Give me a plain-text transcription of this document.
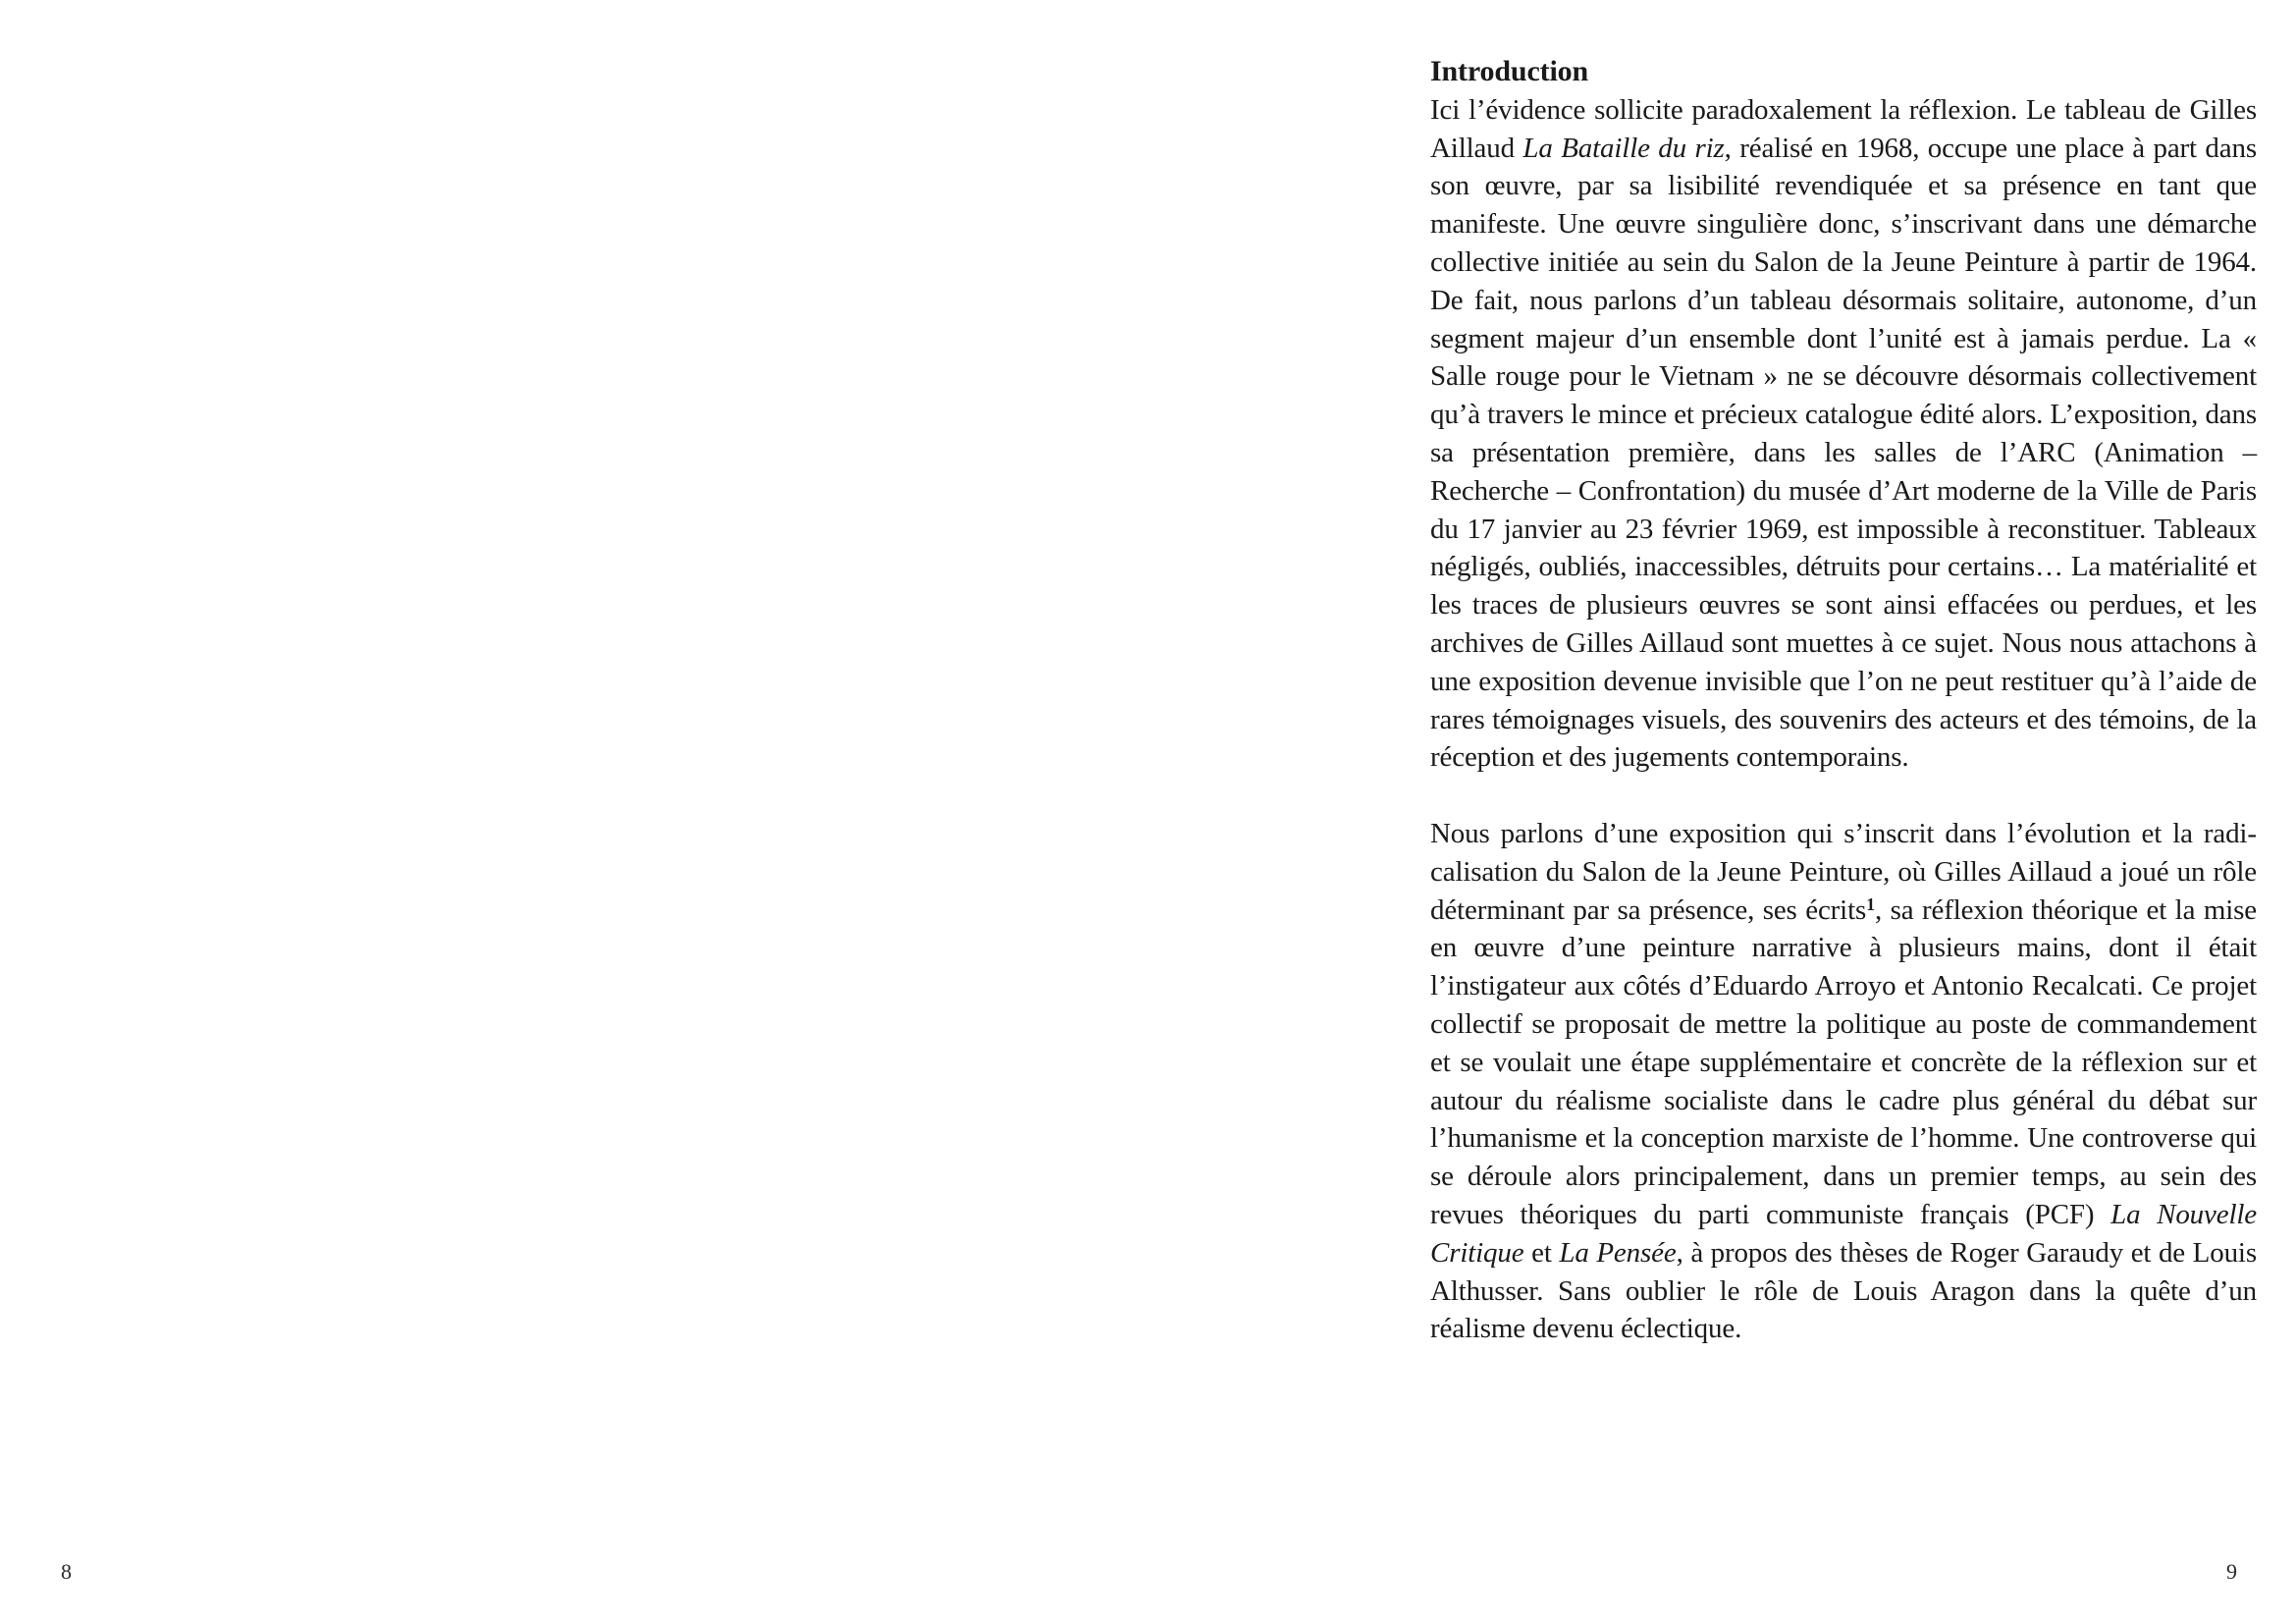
8
Introduction

Ici l’évidence sollicite paradoxalement la réflexion. Le tableau de Gilles Aillaud La Bataille du riz, réalisé en 1968, occupe une place à part dans son œuvre, par sa lisibilité revendiquée et sa présence en tant que manifeste. Une œuvre singulière donc, s’inscrivant dans une démarche collective initiée au sein du Salon de la Jeune Peinture à partir de 1964. De fait, nous parlons d’un tableau désormais solitaire, autonome, d’un segment majeur d’un ensemble dont l’unité est à jamais perdue. La « Salle rouge pour le Vietnam » ne se découvre désormais collectivement qu’à travers le mince et précieux catalogue édité alors. L’exposition, dans sa présentation première, dans les salles de l’ARC (Animation – Recherche – Confrontation) du musée d’Art moderne de la Ville de Paris du 17 janvier au 23 février 1969, est impossible à reconstituer. Tableaux négligés, oubliés, inaccessibles, détruits pour certains… La matérialité et les traces de plusieurs œuvres se sont ainsi effacées ou perdues, et les archives de Gilles Aillaud sont muettes à ce sujet. Nous nous attachons à une exposition devenue invisible que l’on ne peut restituer qu’à l’aide de rares témoignages visuels, des souvenirs des acteurs et des témoins, de la réception et des jugements contemporains.

Nous parlons d’une exposition qui s’inscrit dans l’évolution et la radicalisation du Salon de la Jeune Peinture, où Gilles Aillaud a joué un rôle déterminant par sa présence, ses écrits$^1$, sa réflexion théorique et la mise en œuvre d’une peinture narrative à plusieurs mains, dont il était l’instigateur aux côtés d’Eduardo Arroyo et Antonio Recalcati. Ce projet collectif se proposait de mettre la politique au poste de commandement et se voulait une étape supplémentaire et concrète de la réflexion sur et autour du réalisme socialiste dans le cadre plus général du débat sur l’humanisme et la conception marxiste de l’homme. Une controverse qui se déroule alors principalement, dans un premier temps, au sein des revues théoriques du parti communiste français (PCF) La Nouvelle Critique et La Pensée, à propos des thèses de Roger Garaudy et de Louis Althusser. Sans oublier le rôle de Louis Aragon dans la quête d’un réalisme devenu éclectique.

9
